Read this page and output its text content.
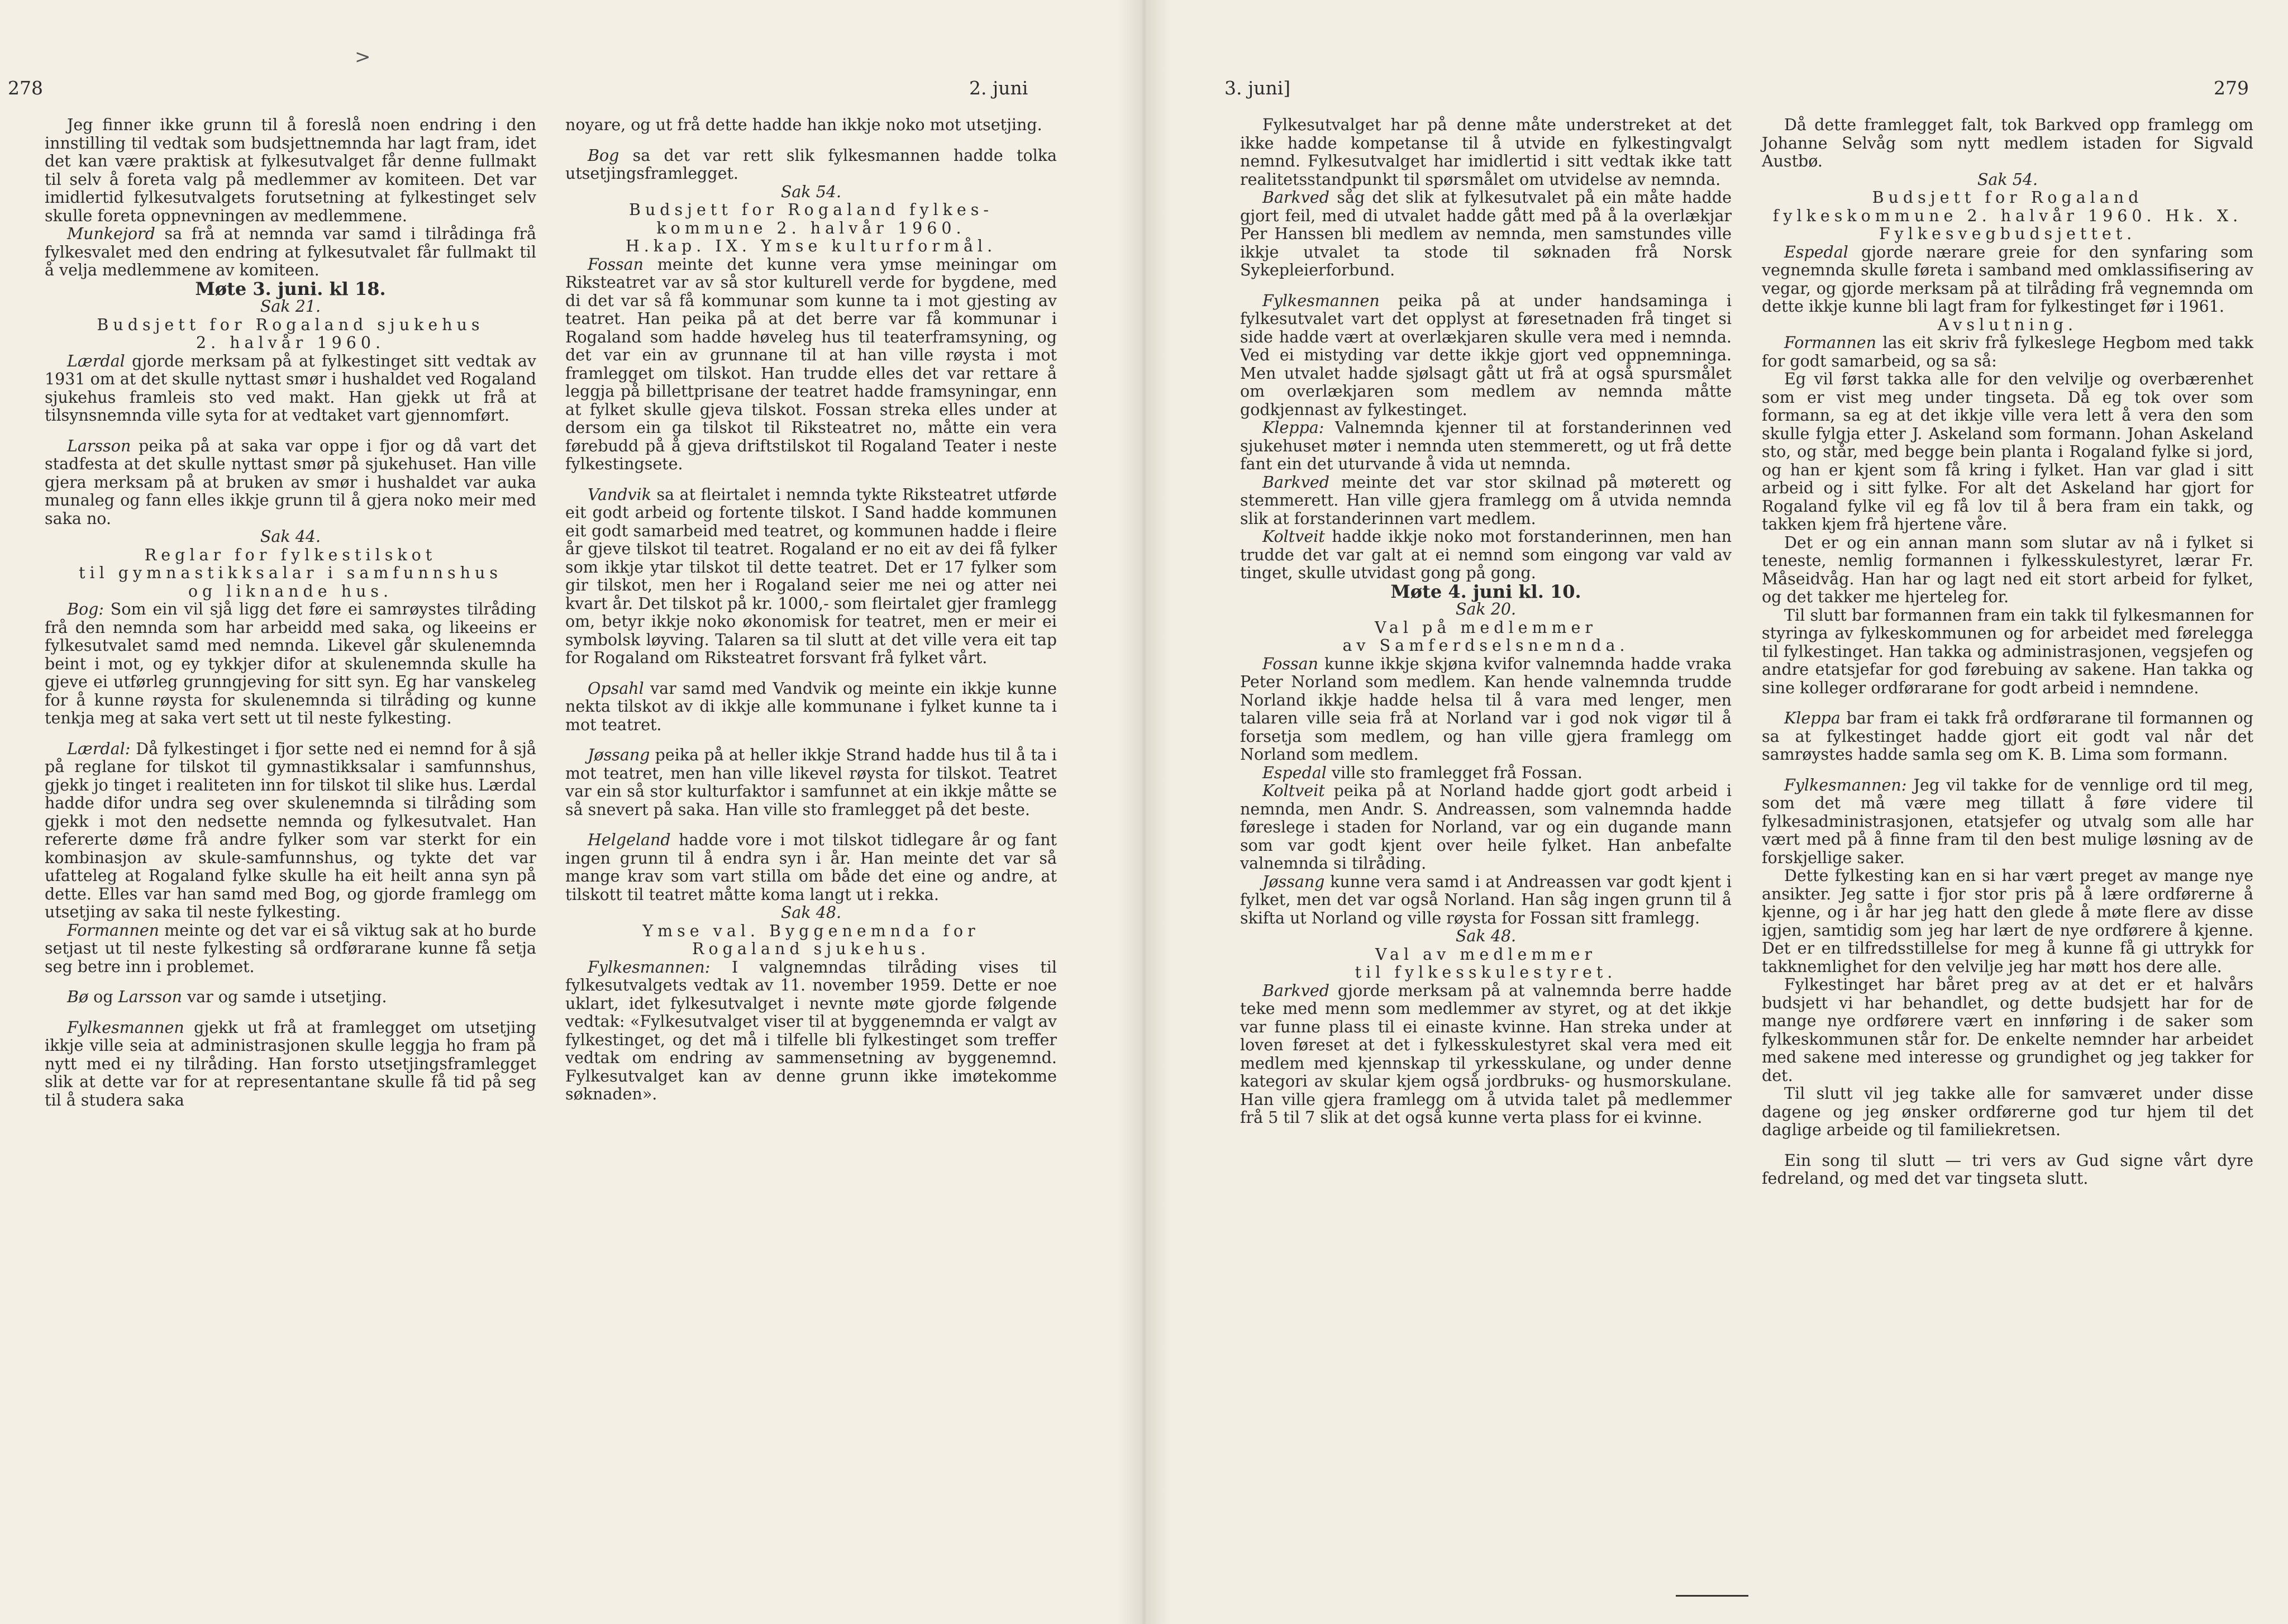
278
>
2. juni

Jeg finner ikke grunn til å foreslå noen endring i den innstilling til vedtak som budsjettnemnda har lagt fram, idet det kan være praktisk at fylkesutvalget får denne fullmakt til selv å foreta valg på medlemmer av komiteen. Det var imidlertid fylkesutvalgets forutsetning at fylkestinget selv skulle foreta oppnevningen av medlemmene.

Munkejord sa frå at nemnda var samd i tilrådinga frå fylkesvalet med den endring at fylkesutvalet får fullmakt til å velja medlemmene av komiteen.

Møte 3. juni. kl 18.

Sak 21.

Budsjett for Rogaland sjukehus

2. halvår 1960.

Lærdal gjorde merksam på at fylkestinget sitt vedtak av 1931 om at det skulle nyttast smør i hushaldet ved Rogaland sjukehus framleis sto ved makt. Han gjekk ut frå at tilsynsnemnda ville syta for at vedtaket vart gjennomført.

Larsson peika på at saka var oppe i fjor og då vart det stadfesta at det skulle nyttast smør på sjukehuset. Han ville gjera merksam på at bruken av smør i hushaldet var auka munaleg og fann elles ikkje grunn til å gjera noko meir med saka no.

Sak 44.

Reglar for fylkestilskot

til gymnastikksalar i samfunnshus

og liknande hus.

Bog: Som ein vil sjå ligg det føre ei samrøystes tilråding frå den nemnda som har arbeidd med saka, og likeeins er fylkesutvalet samd med nemnda. Likevel går skulenemnda beint i mot, og ey tykkjer difor at skulenemnda skulle ha gjeve ei utførleg grunngjeving for sitt syn. Eg har vanskeleg for å kunne røysta for skulenemnda si tilråding og kunne tenkja meg at saka vert sett ut til neste fylkesting.

Lærdal: Då fylkestinget i fjor sette ned ei nemnd for å sjå på reglane for tilskot til gymnastikksalar i samfunnshus, gjekk jo tinget i realiteten inn for tilskot til slike hus. Lærdal hadde difor undra seg over skulenemnda si tilråding som gjekk i mot den nedsette nemnda og fylkesutvalet. Han refererte døme frå andre fylker som var sterkt for ein kombinasjon av skule-samfunnshus, og tykte det var ufatteleg at Rogaland fylke skulle ha eit heilt anna syn på dette. Elles var han samd med Bog, og gjorde framlegg om utsetjing av saka til neste fylkesting.

Formannen meinte og det var ei så viktug sak at ho burde setjast ut til neste fylkesting så ordførarane kunne få setja seg betre inn i problemet.

Bø og Larsson var og samde i utsetjing.

Fylkesmannen gjekk ut frå at framlegget om utsetjing ikkje ville seia at administrasjonen skulle leggja ho fram på nytt med ei ny tilråding. Han forsto utsetjingsframlegget slik at dette var for at representantane skulle få tid på seg til å studera saka

noyare, og ut frå dette hadde han ikkje noko mot utsetjing.

Bog sa det var rett slik fylkesmannen hadde tolka utsetjingsframlegget.

Sak 54.

Budsjett for Rogaland fylkes-

kommune 2. halvår 1960.

H.kap. IX. Ymse kulturformål.

Fossan meinte det kunne vera ymse meiningar om Riksteatret var av så stor kulturell verde for bygdene, med di det var så få kommunar som kunne ta i mot gjesting av teatret. Han peika på at det berre var få kommunar i Rogaland som hadde høveleg hus til teaterframsyning, og det var ein av grunnane til at han ville røysta i mot framlegget om tilskot. Han trudde elles det var rettare å leggja på billettprisane der teatret hadde framsyningar, enn at fylket skulle gjeva tilskot. Fossan streka elles under at dersom ein ga tilskot til Riksteatret no, måtte ein vera førebudd på å gjeva driftstilskot til Rogaland Teater i neste fylkestingsete.

Vandvik sa at fleirtalet i nemnda tykte Riksteatret utførde eit godt arbeid og fortente tilskot. I Sand hadde kommunen eit godt samarbeid med teatret, og kommunen hadde i fleire år gjeve tilskot til teatret. Rogaland er no eit av dei få fylker som ikkje ytar tilskot til dette teatret. Det er 17 fylker som gir tilskot, men her i Rogaland seier me nei og atter nei kvart år. Det tilskot på kr. 1000,- som fleirtalet gjer framlegg om, betyr ikkje noko økonomisk for teatret, men er meir ei symbolsk løyving. Talaren sa til slutt at det ville vera eit tap for Rogaland om Riksteatret forsvant frå fylket vårt.

Opsahl var samd med Vandvik og meinte ein ikkje kunne nekta tilskot av di ikkje alle kommunane i fylket kunne ta i mot teatret.

Jøssang peika på at heller ikkje Strand hadde hus til å ta i mot teatret, men han ville likevel røysta for tilskot. Teatret var ein så stor kulturfaktor i samfunnet at ein ikkje måtte se så snevert på saka. Han ville sto framlegget på det beste.

Helgeland hadde vore i mot tilskot tidlegare år og fant ingen grunn til å endra syn i år. Han meinte det var så mange krav som vart stilla om både det eine og andre, at tilskott til teatret måtte koma langt ut i rekka.

Sak 48.

Ymse val. Byggenemnda for

Rogaland sjukehus.

Fylkesmannen: I valgnemndas tilråding vises til fylkesutvalgets vedtak av 11. november 1959. Dette er noe uklart, idet fylkesutvalget i nevnte møte gjorde følgende vedtak: «Fylkesutvalget viser til at byggenemnda er valgt av fylkestinget, og det må i tilfelle bli fylkestinget som treffer vedtak om endring av sammensetning av byggenemnd. Fylkesutvalget kan av denne grunn ikke imøtekomme søknaden».

3. juni]	279

Fylkesutvalget har på denne måte understreket at det ikke hadde kompetanse til å utvide en fylkestingvalgt nemnd. Fylkesutvalget har imidlertid i sitt vedtak ikke tatt realitetsstandpunkt til spørsmålet om utvidelse av nemnda.

Barkved såg det slik at fylkesutvalet på ein måte hadde gjort feil, med di utvalet hadde gått med på å la overlækjar Per Hanssen bli medlem av nemnda, men samstundes ville ikkje utvalet ta stode til søknaden frå Norsk Sykepleierforbund.

Fylkesmannen peika på at under handsaminga i fylkesutvalet vart det opplyst at føresetnaden frå tinget si side hadde vært at overlækjaren skulle vera med i nemnda. Ved ei mistyding var dette ikkje gjort ved oppnemninga. Men utvalet hadde sjølsagt gått ut frå at også spursmålet om overlækjaren som medlem av nemnda måtte godkjennast av fylkestinget.

Kleppa: Valnemnda kjenner til at forstanderinnen ved sjukehuset møter i nemnda uten stemmerett, og ut frå dette fant ein det uturvande å vida ut nemnda.

Barkved meinte det var stor skilnad på møterett og stemmerett. Han ville gjera framlegg om å utvida nemnda slik at forstanderinnen vart medlem.

Koltveit hadde ikkje noko mot forstanderinnen, men han trudde det var galt at ei nemnd som eingong var vald av tinget, skulle utvidast gong på gong.

Møte 4. juni kl. 10.

Sak 20.

Val på medlemmer

av Samferdselsnemnda.

Fossan kunne ikkje skjøna kvifor valnemnda hadde vraka Peter Norland som medlem. Kan hende valnemnda trudde Norland ikkje hadde helsa til å vara med lenger, men talaren ville seia frå at Norland var i god nok vigør til å forsetja som medlem, og han ville gjera framlegg om Norland som medlem.

Espedal ville sto framlegget frå Fossan.

Koltveit peika på at Norland hadde gjort godt arbeid i nemnda, men Andr. S. Andreassen, som valnemnda hadde føreslege i staden for Norland, var og ein dugande mann som var godt kjent over heile fylket. Han anbefalte valnemnda si tilråding.

Jøssang kunne vera samd i at Andreassen var godt kjent i fylket, men det var også Norland. Han såg ingen grunn til å skifta ut Norland og ville røysta for Fossan sitt framlegg.

Sak 48.

Val av medlemmer

til fylkesskulestyret.

Barkved gjorde merksam på at valnemnda berre hadde teke med menn som medlemmer av styret, og at det ikkje var funne plass til ei einaste kvinne. Han streka under at loven føreset at det i fylkesskulestyret skal vera med eit medlem med kjennskap til yrkesskulane, og under denne kategori av skular kjem også jordbruks- og husmorskulane. Han ville gjera framlegg om å utvida talet på medlemmer frå 5 til 7 slik at det også kunne verta plass for ei kvinne.

Då dette framlegget falt, tok Barkved opp framlegg om Johanne Selvåg som nytt medlem istaden for Sigvald Austbø.

Sak 54.

Budsjett for Rogaland

fylkeskommune 2. halvår 1960. Hk. X.

Fylkesvegbudsjettet.

Espedal gjorde nærare greie for den synfaring som vegnemnda skulle føreta i samband med omklassifisering av vegar, og gjorde merksam på at tilråding frå vegnemnda om dette ikkje kunne bli lagt fram for fylkestinget før i 1961.

Avslutning.

Formannen las eit skriv frå fylkeslege Hegbom med takk for godt samarbeid, og sa så:

Eg vil først takka alle for den velvilje og overbærenhet som er vist meg under tingseta. Då eg tok over som formann, sa eg at det ikkje ville vera lett å vera den som skulle fylgja etter J. Askeland som formann. Johan Askeland sto, og står, med begge bein planta i Rogaland fylke si jord, og han er kjent som få kring i fylket. Han var glad i sitt arbeid og i sitt fylke. For alt det Askeland har gjort for Rogaland fylke vil eg få lov til å bera fram ein takk, og takken kjem frå hjertene våre.

Det er og ein annan mann som slutar av nå i fylket si teneste, nemlig formannen i fylkesskulestyret, lærar Fr. Måseidvåg. Han har og lagt ned eit stort arbeid for fylket, og det takker me hjerteleg for.

Til slutt bar formannen fram ein takk til fylkesmannen for styringa av fylkeskommunen og for arbeidet med førelegga til fylkestinget. Han takka og administrasjonen, vegsjefen og andre etatsjefar for god førebuing av sakene. Han takka og sine kolleger ordførarane for godt arbeid i nemndene.

Kleppa bar fram ei takk frå ordførarane til formannen og sa at fylkestinget hadde gjort eit godt val når det samrøystes hadde samla seg om K. B. Lima som formann.

Fylkesmannen: Jeg vil takke for de vennlige ord til meg, som det må være meg tillatt å føre videre til fylkesadministrasjonen, etatsjefer og utvalg som alle har vært med på å finne fram til den best mulige løsning av de forskjellige saker.

Dette fylkesting kan en si har vært preget av mange nye ansikter. Jeg satte i fjor stor pris på å lære ordførerne å kjenne, og i år har jeg hatt den glede å møte flere av disse igjen, samtidig som jeg har lært de nye ordførere å kjenne. Det er en tilfredsstillelse for meg å kunne få gi uttrykk for takknemlighet for den velvilje jeg har møtt hos dere alle.

Fylkestinget har båret preg av at det er et halvårs budsjett vi har behandlet, og dette budsjett har for de mange nye ordførere vært en innføring i de saker som fylkeskommunen står for. De enkelte nemnder har arbeidet med sakene med interesse og grundighet og jeg takker for det.

Til slutt vil jeg takke alle for samværet under disse dagene og jeg ønsker ordførerne god tur hjem til det daglige arbeide og til familiekretsen.

Ein song til slutt — tri vers av Gud signe vårt dyre fedreland, og med det var tingseta slutt.
